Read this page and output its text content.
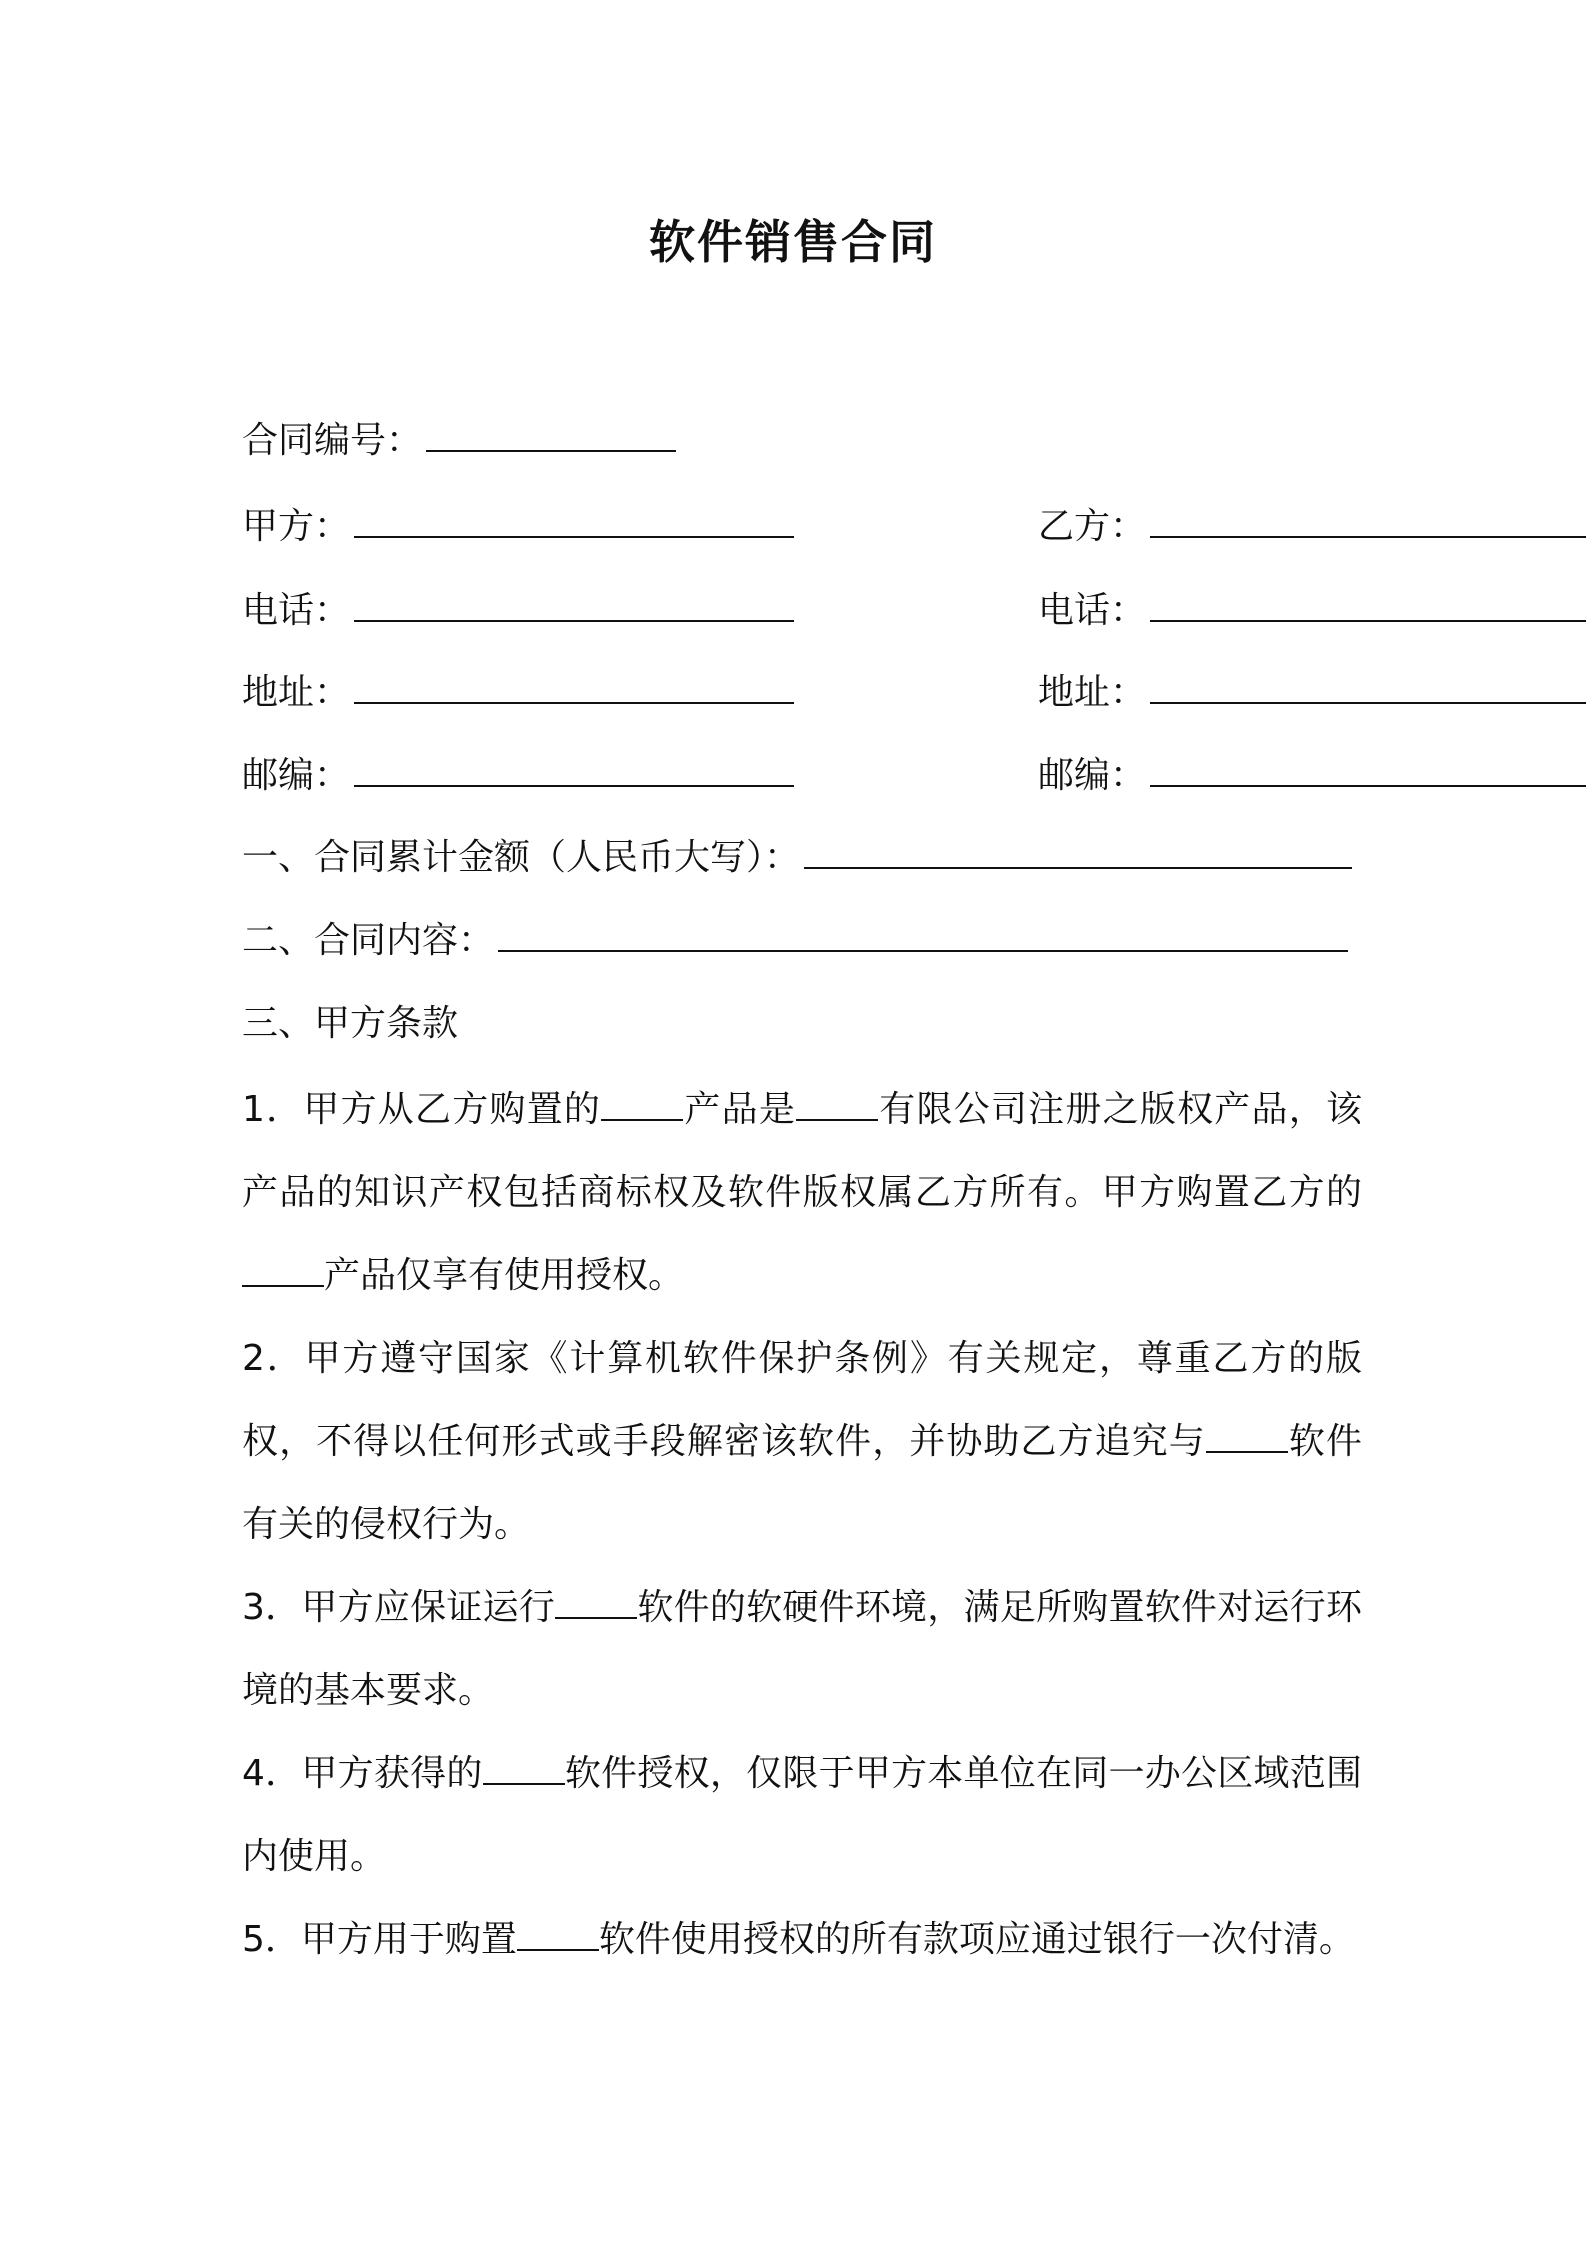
软件销售合同
合同编号：
甲方：	乙方：
电话：	电话：
地址：	地址：
邮编：	邮编：
一、合同累计金额（人民币大写）：
二、合同内容：
三、甲方条款
1．甲方从乙方购置的 产品是 有限公司注册之版权产品，该产品的知识产权包括商标权及软件版权属乙方所有。甲方购置乙方的产品仅享有使用授权。
2．甲方遵守国家《计算机软件保护条例》有关规定，尊重乙方的版权，不得以任何形式或手段解密该软件，并协助乙方追究与 软件有关的侵权行为。
3．甲方应保证运行 软件的软硬件环境，满足所购置软件对运行环境的基本要求。
4．甲方获得的 软件授权，仅限于甲方本单位在同一办公区域范围内使用。
5．甲方用于购置 软件使用授权的所有款项应通过银行一次付清。
